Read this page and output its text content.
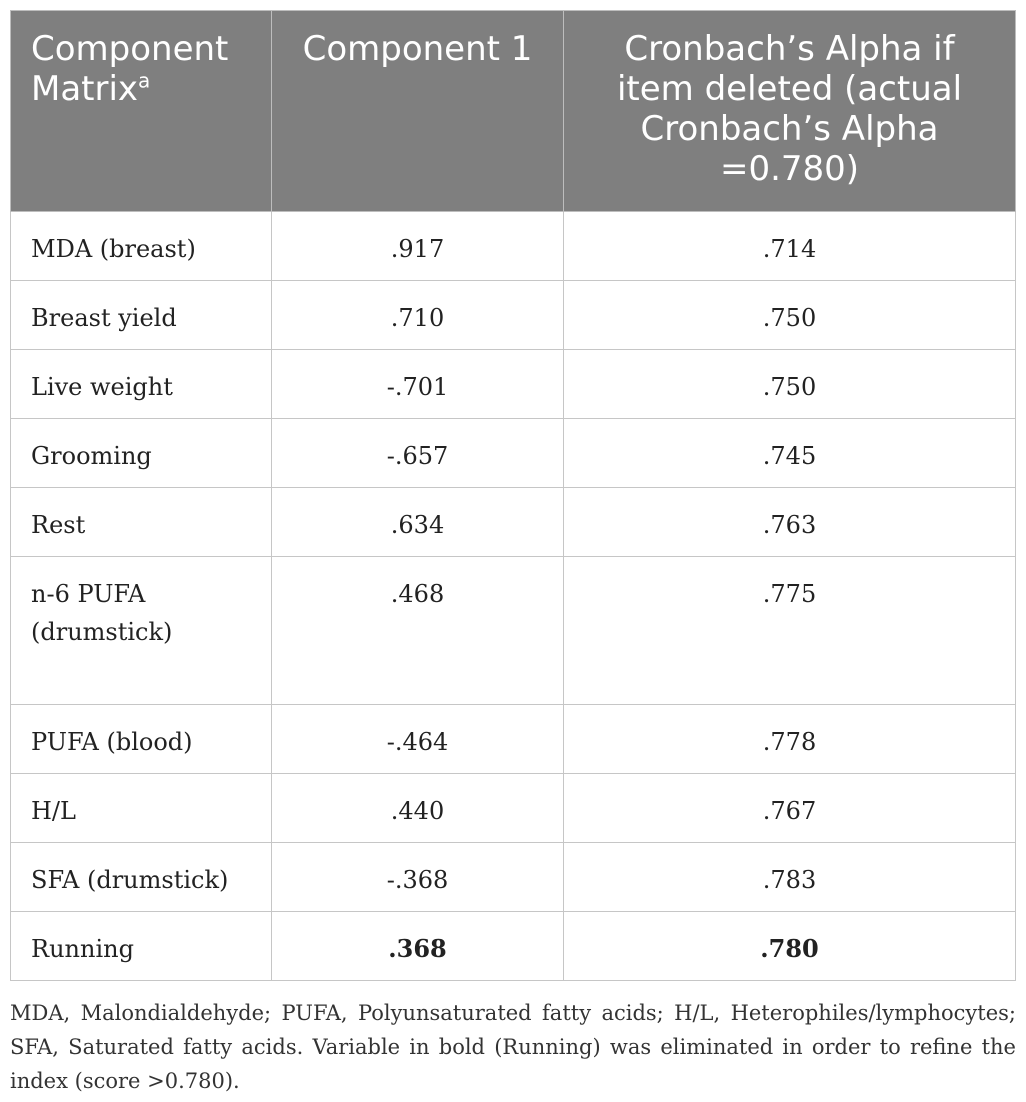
Component Matrix$^a$	Component 1	Cronbach’s Alpha if item deleted (actual Cronbach’s Alpha =0.780)
MDA (breast)	.917	.714
Breast yield	.710	.750
Live weight	-.701	.750
Grooming	-.657	.745
Rest	.634	.763
n-6 PUFA (drumstick)	.468	.775
PUFA (blood)	-.464	.778
H/L	.440	.767
SFA (drumstick)	-.368	.783
Running	.368	.780
MDA, Malondialdehyde; PUFA, Polyunsaturated fatty acids; H/L, Heterophiles/lymphocytes; SFA, Saturated fatty acids. Variable in bold (Running) was eliminated in order to refine the index (score >0.780).
